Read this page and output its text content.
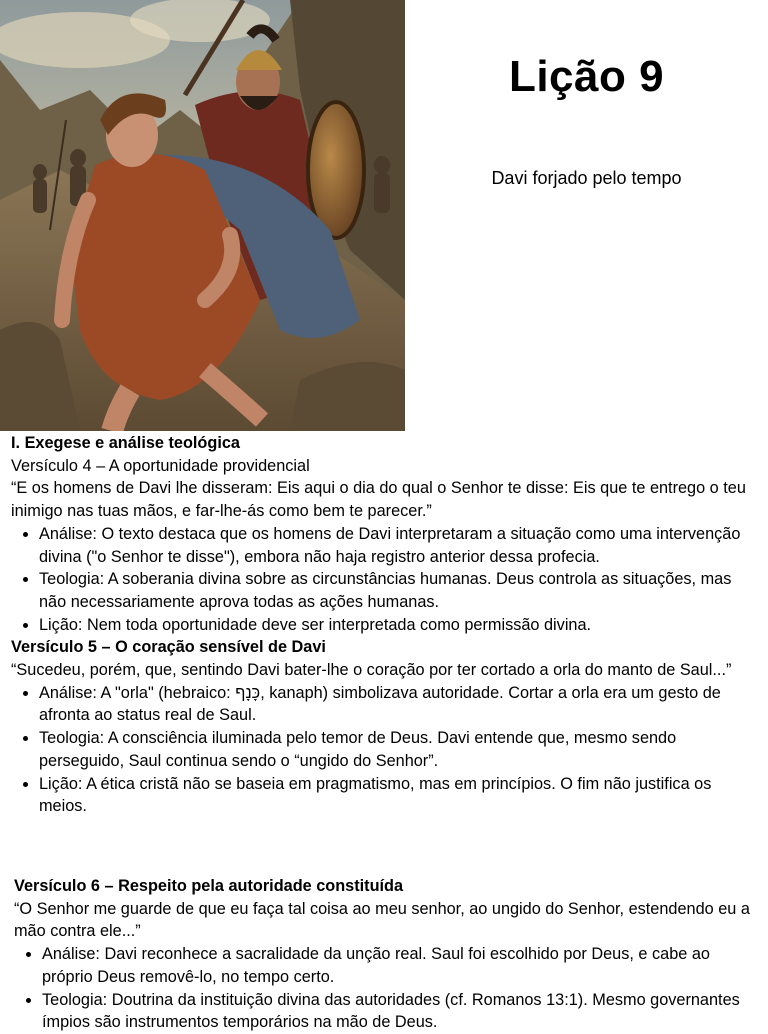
Lição 9
Davi forjado pelo tempo

I. Exegese e análise teológica

Versículo 4 – A oportunidade providencial

“E os homens de Davi lhe disseram: Eis aqui o dia do qual o Senhor te disse: Eis que te entrego o teu inimigo nas tuas mãos, e far-lhe-ás como bem te parecer.”

• Análise: O texto destaca que os homens de Davi interpretaram a situação como uma intervenção divina ("o Senhor te disse"), embora não haja registro anterior dessa profecia.
• Teologia: A soberania divina sobre as circunstâncias humanas. Deus controla as situações, mas não necessariamente aprova todas as ações humanas.
• Lição: Nem toda oportunidade deve ser interpretada como permissão divina.

Versículo 5 – O coração sensível de Davi

“Sucedeu, porém, que, sentindo Davi bater-lhe o coração por ter cortado a orla do manto de Saul...”

• Análise: A "orla" (hebraico: כָּנָף, kanaph) simbolizava autoridade. Cortar a orla era um gesto de afronta ao status real de Saul.
• Teologia: A consciência iluminada pelo temor de Deus. Davi entende que, mesmo sendo perseguido, Saul continua sendo o “ungido do Senhor”.
• Lição: A ética cristã não se baseia em pragmatismo, mas em princípios. O fim não justifica os meios.

Versículo 6 – Respeito pela autoridade constituída

“O Senhor me guarde de que eu faça tal coisa ao meu senhor, ao ungido do Senhor, estendendo eu a mão contra ele...”

• Análise: Davi reconhece a sacralidade da unção real. Saul foi escolhido por Deus, e cabe ao próprio Deus removê-lo, no tempo certo.
• Teologia: Doutrina da instituição divina das autoridades (cf. Romanos 13:1). Mesmo governantes ímpios são instrumentos temporários na mão de Deus.
